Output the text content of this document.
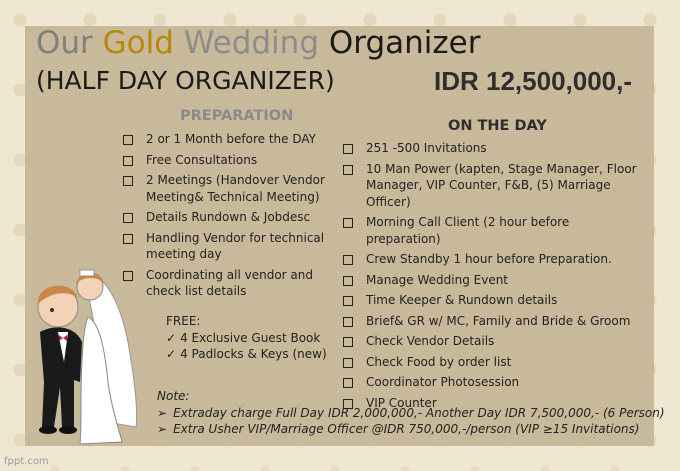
Our Gold Wedding Organizer
(HALF DAY ORGANIZER)	IDR 12,500,000,-
PREPARATION
2 or 1 Month before the DAY
Free Consultations
2 Meetings (Handover Vendor Meeting& Technical Meeting)
Details Rundown & Jobdesc
Handling Vendor for technical meeting day
Coordinating all vendor and check list details
FREE:
✓ 4 Exclusive Guest Book
✓ 4 Padlocks & Keys (new)
ON THE DAY
251 -500 Invitations
10 Man Power (kapten, Stage Manager, Floor Manager, VIP Counter, F&B, (5) Marriage Officer)
Morning Call Client (2 hour before preparation)
Crew Standby 1 hour before Preparation.
Manage Wedding Event
Time Keeper & Rundown details
Brief& GR w/ MC, Family and Bride & Groom
Check Vendor Details
Check Food by order list
Coordinator Photosession
VIP Counter
Note:
➢ Extraday charge Full Day IDR 2,000,000,- Another Day IDR 7,500,000,- (6 Person)
➢ Extra Usher VIP/Marriage Officer @IDR 750,000,-/person (VIP ≥15 Invitations)
fppt.com
